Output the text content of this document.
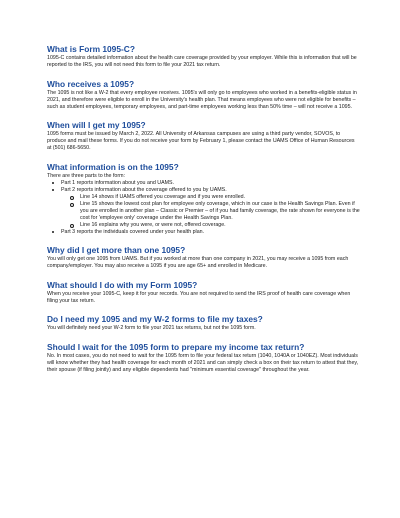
What is Form 1095-C?

1095-C contains detailed information about the health care coverage provided by your employer. While this is information that will be reported to the IRS, you will not need this form to file your 2021 tax return.

Who receives a 1095?

The 1095 is not like a W-2 that every employee receives. 1095's will only go to employees who worked in a benefits-eligible status in 2021, and therefore were eligible to enroll in the University's health plan. That means employees who were not eligible for benefits – such as student employees, temporary employees, and part-time employees working less than 50% time – will not receive a 1095.

When will I get my 1095?

1095 forms must be issued by March 2, 2022. All University of Arkansas campuses are using a third party vendor, SOVOS, to produce and mail these forms. If you do not receive your form by February 1, please contact the UAMS Office of Human Resources at (501) 686-5650.

What information is on the 1095?

There are three parts to the form:

Part 1 reports information about you and UAMS.
Part 2 reports information about the coverage offered to you by UAMS.
Line 14 shows if UAMS offered you coverage and if you were enrolled.
Line 15 shows the lowest cost plan for employee only coverage, which in our case is the Health Savings Plan. Even if you are enrolled in another plan – Classic or Premier – of if you had family coverage, the rate shown for everyone is the cost for 'employee only' coverage under the Health Savings Plan.
Line 16 explains why you were, or were not, offered coverage.
Part 3 reports the individuals covered under your health plan.
Why did I get more than one 1095?

You will only get one 1095 from UAMS. But if you worked at more than one company in 2021, you may receive a 1095 from each company/employer. You may also receive a 1095 if you are age 65+ and enrolled in Medicare.

What should I do with my Form 1095?

When you receive your 1095-C, keep it for your records. You are not required to send the IRS proof of health care coverage when filing your tax return.

Do I need my 1095 and my W-2 forms to file my taxes?

You will definitely need your W-2 form to file your 2021 tax returns, but not the 1095 form.

Should I wait for the 1095 form to prepare my income tax return?

No. In most cases, you do not need to wait for the 1095 form to file your federal tax return (1040, 1040A or 1040EZ). Most individuals will know whether they had health coverage for each month of 2021 and can simply check a box on their tax return to attest that they, their spouse (if filing jointly) and any eligible dependents had "minimum essential coverage" throughout the year.
